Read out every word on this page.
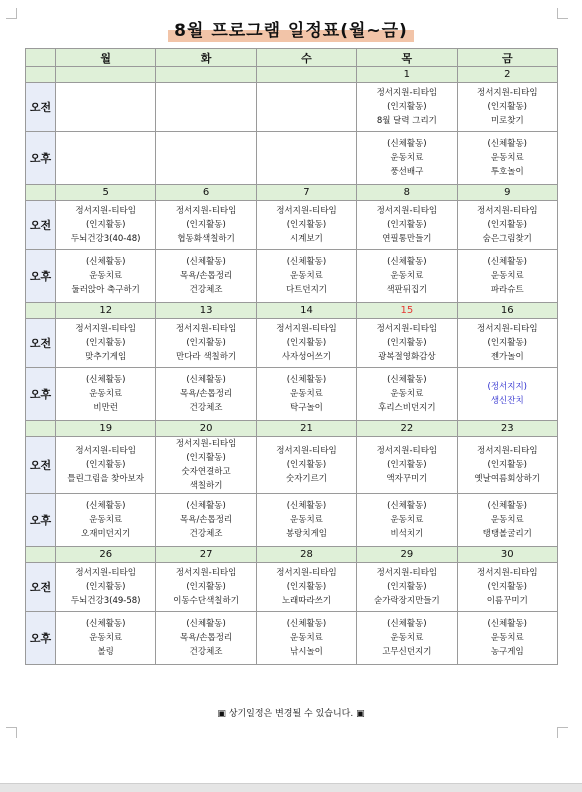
8월 프로그램 일정표(월~금)
	월	화	수	목	금
				1	2
오전				정서지원-티타임
(인지활동)
8월 달력 그리기	정서지원-티타임
(인지활동)
미로찾기

오후				(신체활동)
운동치료
풍선배구	(신체활동)
운동치료
투호놀이

	5	6	7	8	9
오전	정서지원-티타임
(인지활동)
두뇌건강3(40-48)	정서지원-티타임
(인지활동)
협동화색칠하기	정서지원-티타임
(인지활동)
시계보기	정서지원-티타임
(인지활동)
연필통만들기	정서지원-티타임
(인지활동)
숨은그림찾기

오후	(신체활동)
운동치료
둘러앉아 축구하기	(신체활동)
목욕/손톱정리
건강체조	(신체활동)
운동치료
다트던지기	(신체활동)
운동치료
색판뒤집기	(신체활동)
운동치료
파라슈트

	12	13	14	15	16
오전	정서지원-티타임
(인지활동)
맞추기게임	정서지원-티타임
(인지활동)
만다라 색칠하기	정서지원-티타임
(인지활동)
사자성어쓰기	정서지원-티타임
(인지활동)
광복절영화감상	정서지원-티타임
(인지활동)
젠가놀이

오후	(신체활동)
운동치료
비만런	(신체활동)
목욕/손톱정리
건강체조	(신체활동)
운동치료
탁구놀이	(신체활동)
운동치료
후리스비던지기	(정서지지)
생신잔치

	19	20	21	22	23
오전	정서지원-티타임
(인지활동)
틀린그림을 찾아보자	정서지원-티타임
(인지활동)
숫자연결하고
색칠하기	정서지원-티타임
(인지활동)
숫자기르기	정서지원-티타임
(인지활동)
액자꾸미기	정서지원-티타임
(인지활동)
옛날여름회상하기

오후	(신체활동)
운동치료
오재미던지기	(신체활동)
목욕/손톱정리
건강체조	(신체활동)
운동치료
봉랑치게임	(신체활동)
운동치료
비석치기	(신체활동)
운동치료
탱탱볼굴리기

	26	27	28	29	30
오전	정서지원-티타임
(인지활동)
두뇌건강3(49-58)	정서지원-티타임
(인지활동)
이동수단색칠하기	정서지원-티타임
(인지활동)
노래따라쓰기	정서지원-티타임
(인지활동)
숟가락장지만들기	정서지원-티타임
(인지활동)
이름꾸미기

오후	(신체활동)
운동치료
볼링	(신체활동)
목욕/손톱정리
건강체조	(신체활동)
운동치료
낚시놀이	(신체활동)
운동치료
고무신던지기	(신체활동)
운동치료
농구게임
▣ 상기일정은 변경될 수 있습니다. ▣
